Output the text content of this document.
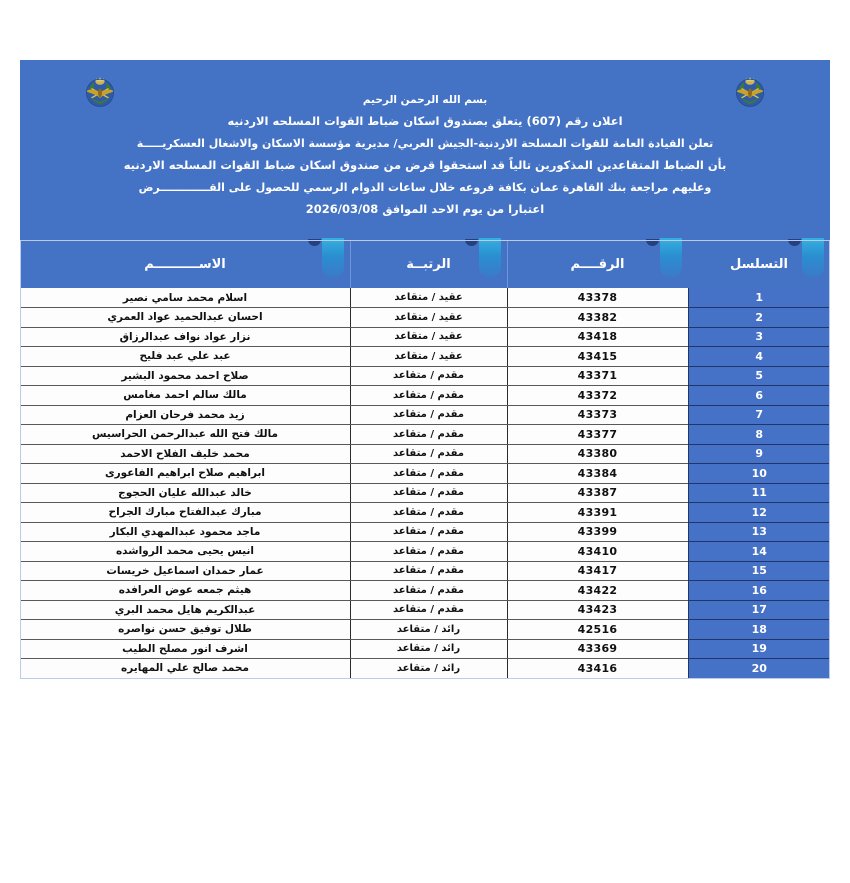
بسم الله الرحمن الرحيم
اعلان رقم (607) يتعلق بصندوق اسكان ضباط القوات المسلحه الاردنيه
تعلن القيادة العامة للقوات المسلحة الاردنية-الجيش العربي/ مديرية مؤسسة الاسكان والاشغال العسكريـــــة
بأن الضباط المتقاعدين المذكورين تالياً قد استحقوا قرض من صندوق اسكان ضباط القوات المسلحه الاردنيه
وعليهم مراجعة بنك القاهرة عمان بكافة فروعه خلال ساعات الدوام الرسمي للحصول على القـــــــــــــرض
اعتبارا من يوم الاحد الموافق 2026/03/08
التسلسل	الرقــــم	الرتبــة	الاســــــــــم
1	43378	عقيد / متقاعد	اسلام محمد سامي نصير
2	43382	عقيد / متقاعد	احسان عبدالحميد عواد العمري
3	43418	عقيد / متقاعد	نزار عواد نواف عبدالرزاق
4	43415	عقيد / متقاعد	عبد علي عبد فليح
5	43371	مقدم / متقاعد	صلاح احمد محمود البشير
6	43372	مقدم / متقاعد	مالك سالم احمد مغامس
7	43373	مقدم / متقاعد	زيد محمد فرحان العزام
8	43377	مقدم / متقاعد	مالك فتح الله عبدالرحمن الحراسيس
9	43380	مقدم / متقاعد	محمد خليف الفلاح الاحمد
10	43384	مقدم / متقاعد	ابراهيم صلاح ابراهيم الفاعورى
11	43387	مقدم / متقاعد	خالد عبدالله عليان الحجوج
12	43391	مقدم / متقاعد	مبارك عبدالفتاح مبارك الجراح
13	43399	مقدم / متقاعد	ماجد محمود عبدالمهدي البكار
14	43410	مقدم / متقاعد	انيس يحيى محمد الرواشده
15	43417	مقدم / متقاعد	عمار حمدان اسماعيل خريسات
16	43422	مقدم / متقاعد	هيثم جمعه عوض العرافده
17	43423	مقدم / متقاعد	عبدالكريم هايل محمد البري
18	42516	رائد / متقاعد	طلال توفيق حسن نواصره
19	43369	رائد / متقاعد	اشرف انور مصلح الطيب
20	43416	رائد / متقاعد	محمد صالح علي المهايره
